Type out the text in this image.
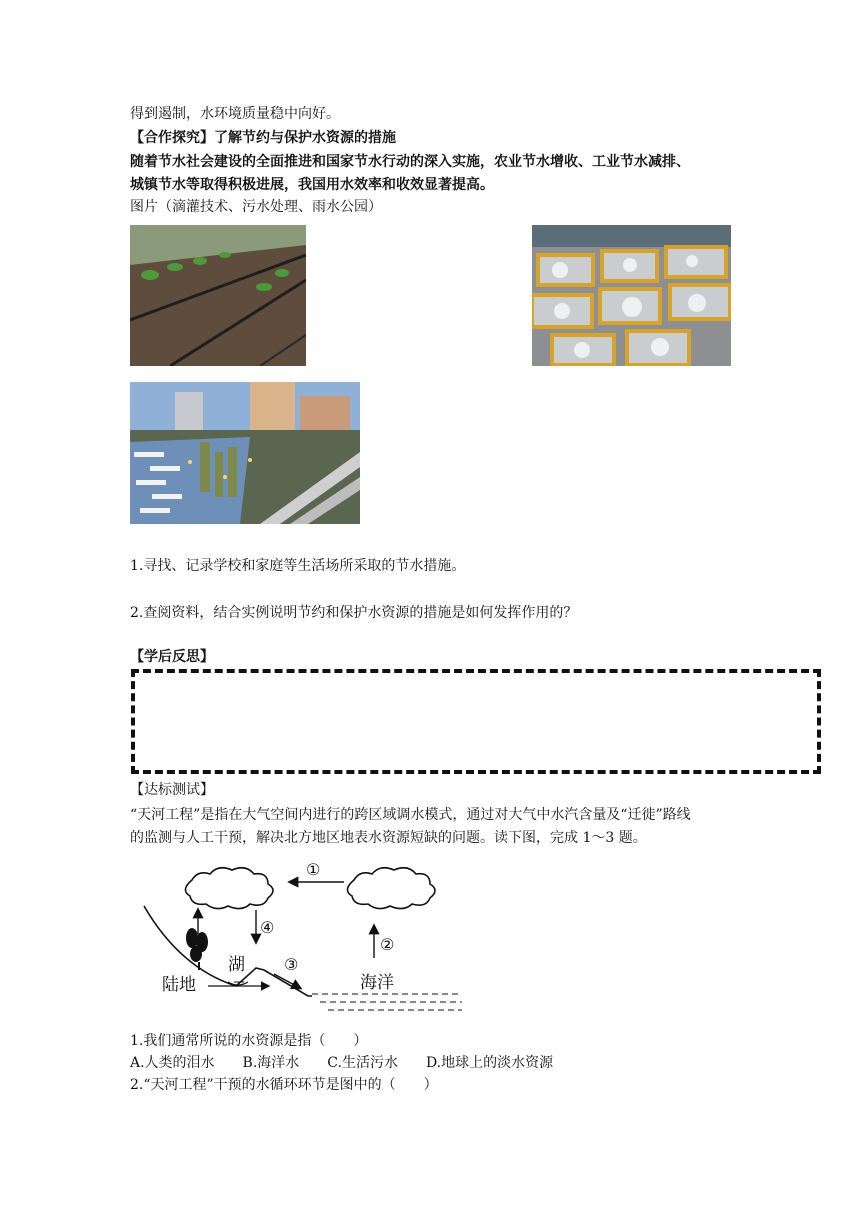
得到遏制，水环境质量稳中向好。
【合作探究】了解节约与保护水资源的措施
随着节水社会建设的全面推进和国家节水行动的深入实施，农业节水增收、工业节水减排、
城镇节水等取得积极进展，我国用水效率和收效显著提高。
图片（滴灌技术、污水处理、雨水公园）
1.寻找、记录学校和家庭等生活场所采取的节水措施。
2.查阅资料，结合实例说明节约和保护水资源的措施是如何发挥作用的？
【学后反思】
【达标测试】
“天河工程”是指在大气空间内进行的跨区域调水模式，通过对大气中水汽含量及“迁徙”路线
的监测与人工干预，解决北方地区地表水资源短缺的问题。读下图，完成 1～3 题。
①
②
④
③
陆地
湖
海洋
1.我们通常所说的水资源是指（　　）
A.人类的泪水　　B.海洋水　　C.生活污水　　D.地球上的淡水资源
2.“天河工程”干预的水循环环节是图中的（　　）
